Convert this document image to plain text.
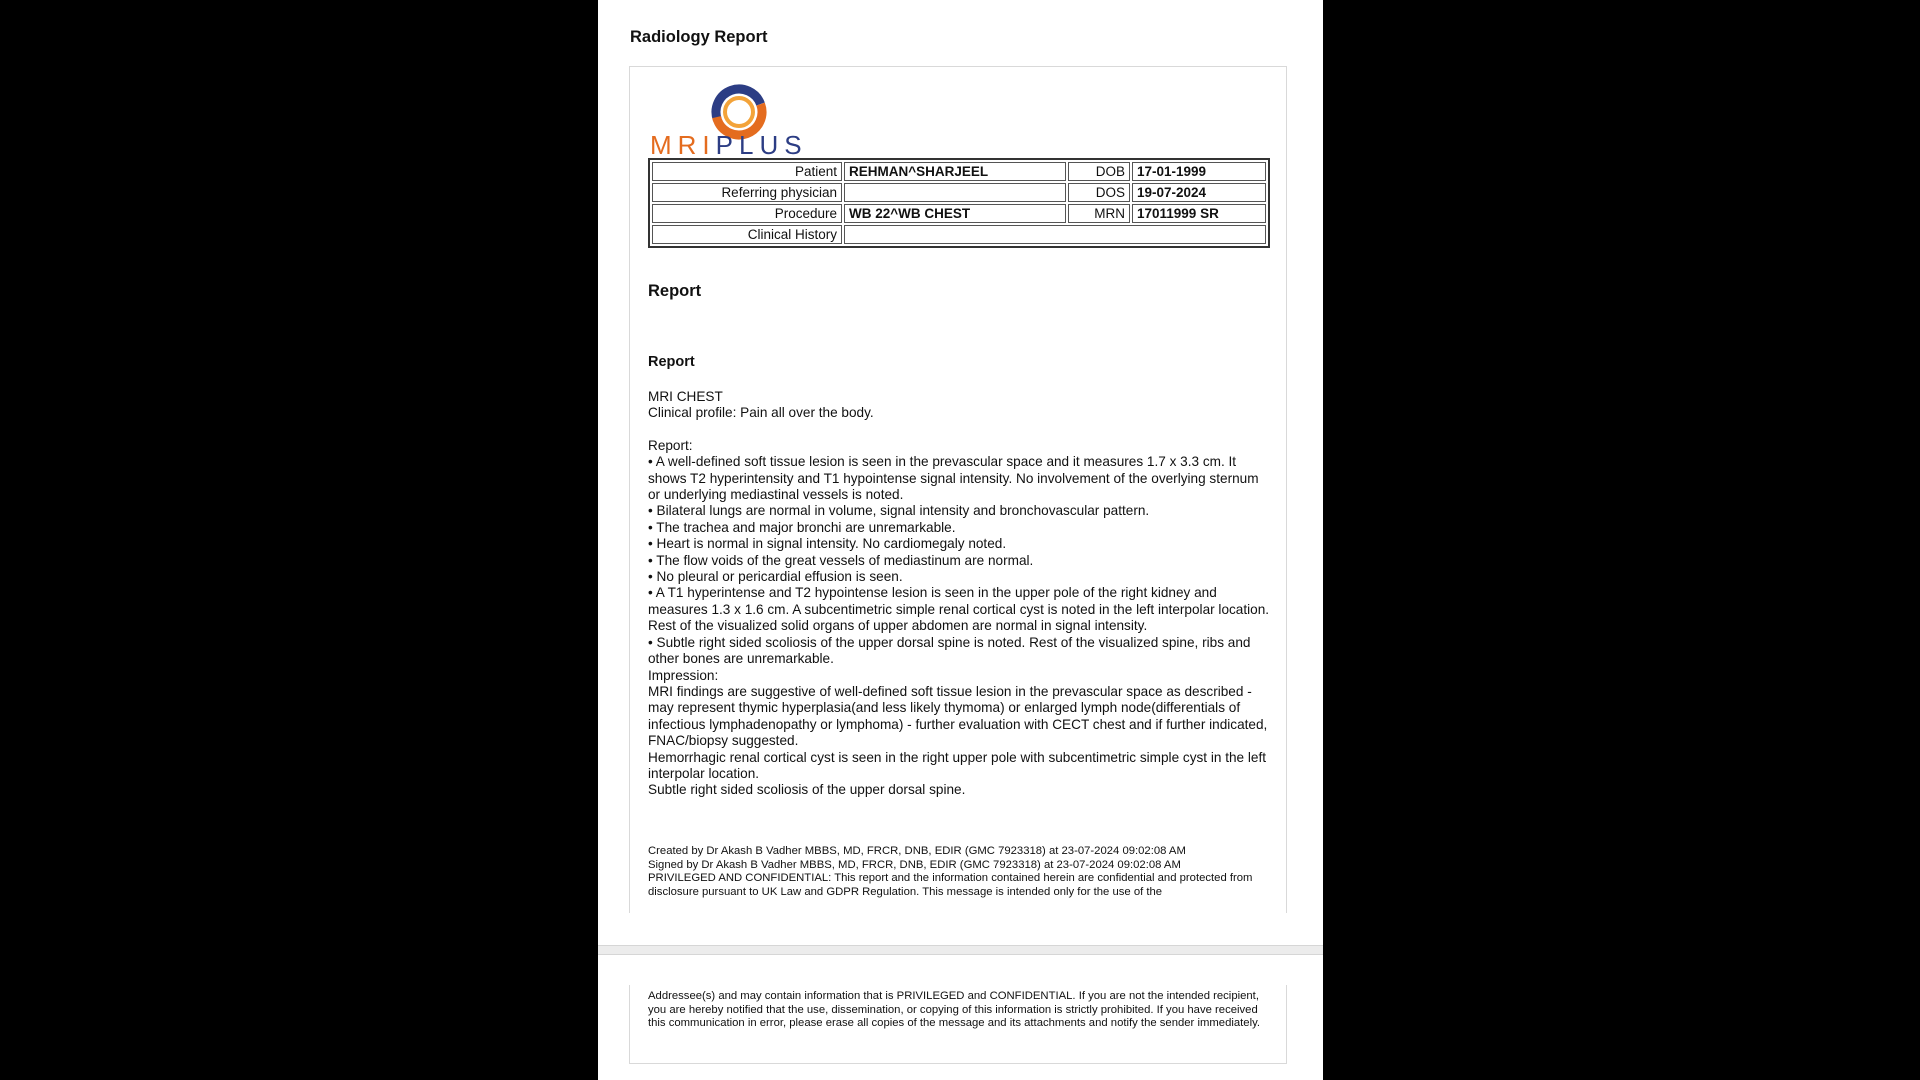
Radiology Report
MRIPLUS
Patient	REHMAN^SHARJEEL	DOB	17-01-1999
Referring physician		DOS	19-07-2024
Procedure	WB 22^WB CHEST	MRN	17011999 SR
Clinical History			
Report
Report

MRI CHEST

Clinical profile: Pain all over the body.

Report:

• A well-defined soft tissue lesion is seen in the prevascular space and it measures 1.7 x 3.3 cm. It shows T2 hyperintensity and T1 hypointense signal intensity. No involvement of the overlying sternum or underlying mediastinal vessels is noted.

• Bilateral lungs are normal in volume, signal intensity and bronchovascular pattern.

• The trachea and major bronchi are unremarkable.

• Heart is normal in signal intensity. No cardiomegaly noted.

• The flow voids of the great vessels of mediastinum are normal.

• No pleural or pericardial effusion is seen.

• A T1 hyperintense and T2 hypointense lesion is seen in the upper pole of the right kidney and measures 1.3 x 1.6 cm. A subcentimetric simple renal cortical cyst is noted in the left interpolar location. Rest of the visualized solid organs of upper abdomen are normal in signal intensity.

• Subtle right sided scoliosis of the upper dorsal spine is noted. Rest of the visualized spine, ribs and other bones are unremarkable.

Impression:

MRI findings are suggestive of well-defined soft tissue lesion in the prevascular space as described - may represent thymic hyperplasia(and less likely thymoma) or enlarged lymph node(differentials of infectious lymphadenopathy or lymphoma) - further evaluation with CECT chest and if further indicated, FNAC/biopsy suggested.

Hemorrhagic renal cortical cyst is seen in the right upper pole with subcentimetric simple cyst in the left interpolar location.

Subtle right sided scoliosis of the upper dorsal spine.

Created by Dr Akash B Vadher MBBS, MD, FRCR, DNB, EDIR (GMC 7923318) at 23-07-2024 09:02:08 AM

Signed by Dr Akash B Vadher MBBS, MD, FRCR, DNB, EDIR (GMC 7923318) at 23-07-2024 09:02:08 AM

PRIVILEGED AND CONFIDENTIAL: This report and the information contained herein are confidential and protected from disclosure pursuant to UK Law and GDPR Regulation. This message is intended only for the use of the

Addressee(s) and may contain information that is PRIVILEGED and CONFIDENTIAL. If you are not the intended recipient, you are hereby notified that the use, dissemination, or copying of this information is strictly prohibited. If you have received this communication in error, please erase all copies of the message and its attachments and notify the sender immediately.
